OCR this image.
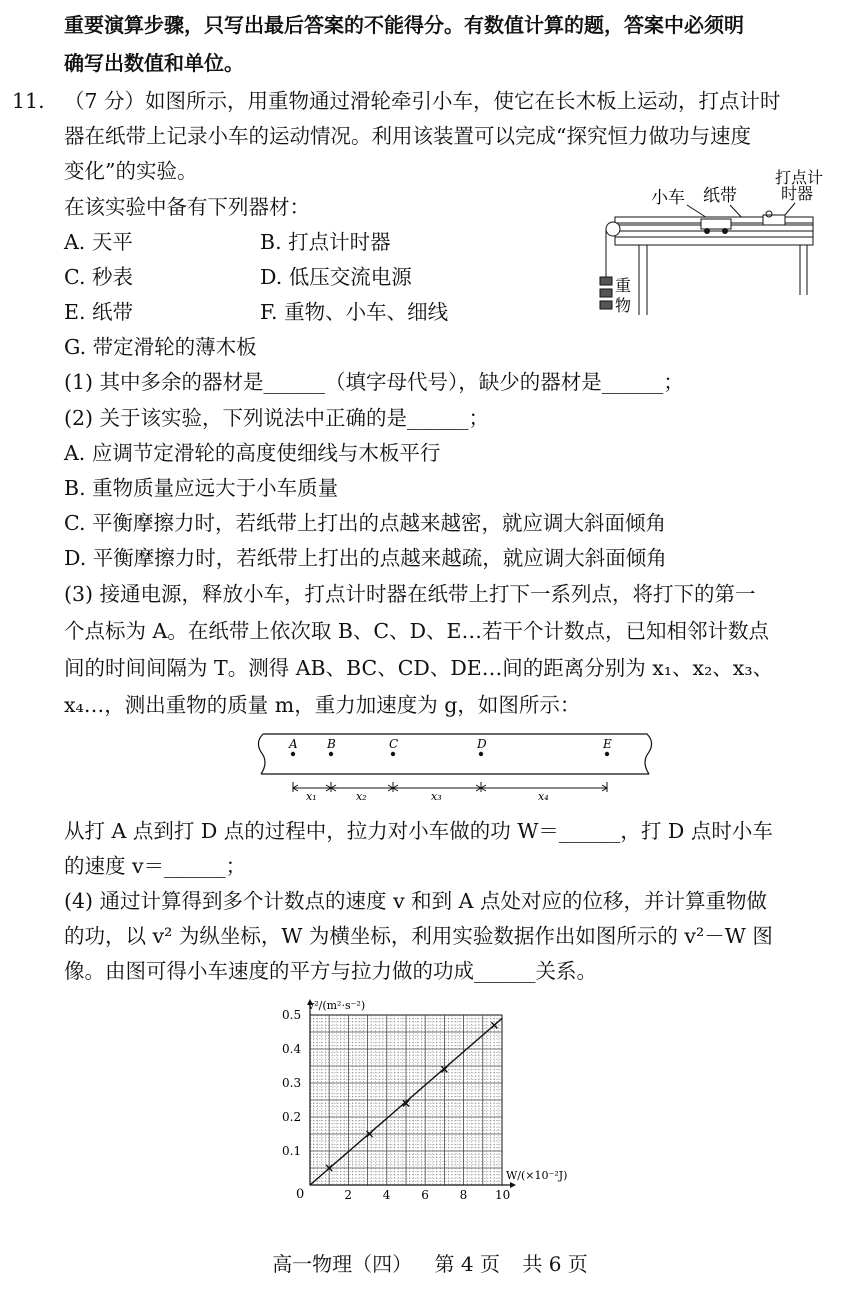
重要演算步骤，只写出最后答案的不能得分。有数值计算的题，答案中必须明
确写出数值和单位。
11. （7 分）如图所示，用重物通过滑轮牵引小车，使它在长木板上运动，打点计时
器在纸带上记录小车的运动情况。利用该装置可以完成“探究恒力做功与速度
变化”的实验。
在该实验中备有下列器材：
A. 天平	B. 打点计时器
C. 秒表	D. 低压交流电源
E. 纸带	F. 重物、小车、细线
G. 带定滑轮的薄木板
小车 纸带
打点计
时器
重
物
(1) 其中多余的器材是______（填字母代号），缺少的器材是______；
(2) 关于该实验，下列说法中正确的是______；
A. 应调节定滑轮的高度使细线与木板平行
B. 重物质量应远大于小车质量
C. 平衡摩擦力时，若纸带上打出的点越来越密，就应调大斜面倾角
D. 平衡摩擦力时，若纸带上打出的点越来越疏，就应调大斜面倾角
(3) 接通电源，释放小车，打点计时器在纸带上打下一系列点，将打下的第一
个点标为 A。在纸带上依次取 B、C、D、E…若干个计数点，已知相邻计数点
间的时间间隔为 T。测得 AB、BC、CD、DE…间的距离分别为 x₁、x₂、x₃、
x₄…，测出重物的质量 m，重力加速度为 g，如图所示：
A B	C	D	E
x₁	x₂	x₃	x₄
从打 A 点到打 D 点的过程中，拉力对小车做的功 W＝______，打 D 点时小车
的速度 v＝______；
(4) 通过计算得到多个计数点的速度 v 和到 A 点处对应的位移，并计算重物做
的功，以 v² 为纵坐标，W 为横坐标，利用实验数据作出如图所示的 v²－W 图
像。由图可得小车速度的平方与拉力做的功成______关系。
2	4	6	8 10
0.1
0.2
0.3
0.4
0.5
v²/(m²·s⁻²)
W/(×10⁻²J)
0
高一物理（四） 第 4 页 共 6 页
